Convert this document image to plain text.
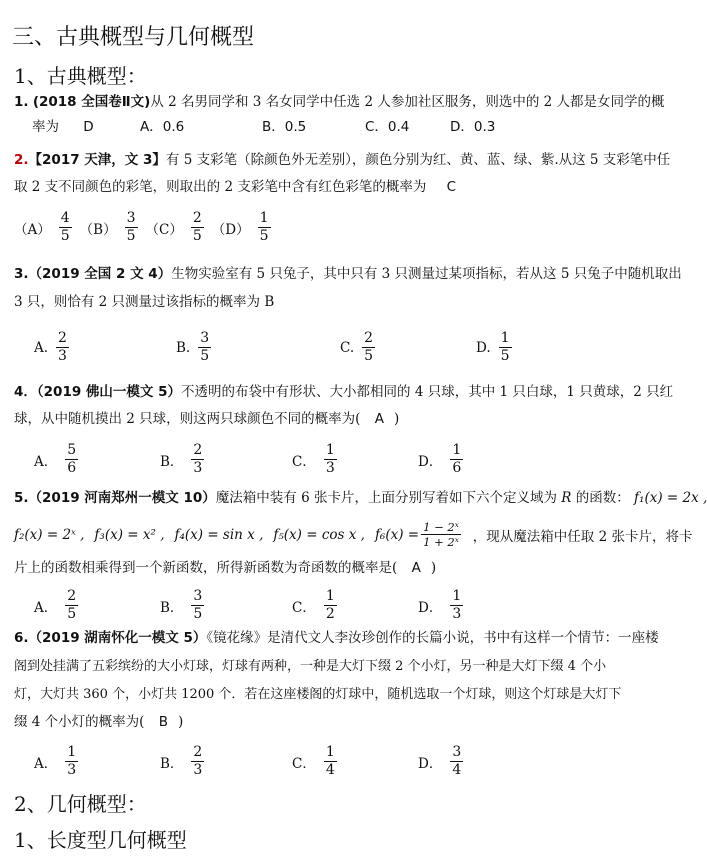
三、古典概型与几何概型
1、古典概型：
1. (2018 全国卷Ⅱ文)从 2 名男同学和 3 名女同学中任选 2 人参加社区服务，则选中的 2 人都是女同学的概
率为 D	A．0.6	B．0.5	C．0.4	D．0.3
2.【2017 天津，文 3】有 5 支彩笔（除颜色外无差别），颜色分别为红、黄、蓝、绿、紫.从这 5 支彩笔中任
取 2 支不同颜色的彩笔，则取出的 2 支彩笔中含有红色彩笔的概率为 C
$(A) \frac{4}{5} (B) \frac{3}{5} (C) \frac{2}{5} (D) \frac{1}{5}$
3.（2019 全国 2 文 4）生物实验室有 5 只兔子，其中只有 3 只测量过某项指标，若从这 5 只兔子中随机取出
3 只，则恰有 2 只测量过该指标的概率为 B
A. $\frac{2}{3}$	B. $\frac{3}{5}$	C. $\frac{2}{5}$	D. $\frac{1}{5}$
4．（2019 佛山一模文 5）不透明的布袋中有形状、大小都相同的 4 只球，其中 1 只白球，1 只黄球，2 只红
球，从中随机摸出 2 只球，则这两只球颜色不同的概率为( A )
A． $\frac{5}{6}$	B． $\frac{2}{3}$	C． $\frac{1}{3}$	D． $\frac{1}{6}$
5.（2019 河南郑州一模文 10）魔法箱中装有 6 张卡片，上面分别写着如下六个定义域为 R 的函数： f₁(x) = 2x ,
f₂(x) = 2ˣ , f₃(x) = x² , f₄(x) = sin x , f₅(x) = cos x , $f_6(x) = \frac{\text{1 − 2ˣ}}{\text{1 + 2ˣ}}$ ，现从魔法箱中任取 2 张卡片，将卡
片上的函数相乘得到一个新函数，所得新函数为奇函数的概率是( A )
A． $\frac{2}{5}$	B． $\frac{3}{5}$	C． $\frac{1}{2}$	D． $\frac{1}{3}$
6.（2019 湖南怀化一模文 5）《镜花缘》是清代文人李汝珍创作的长篇小说，书中有这样一个情节：一座楼
阁到处挂满了五彩缤纷的大小灯球，灯球有两种，一种是大灯下缀 2 个小灯，另一种是大灯下缀 4 个小
灯，大灯共 360 个，小灯共 1200 个．若在这座楼阁的灯球中，随机选取一个灯球，则这个灯球是大灯下
缀 4 个小灯的概率为( B )
A． $\frac{1}{3}$	B． $\frac{2}{3}$	C． $\frac{1}{4}$	D． $\frac{3}{4}$
2、几何概型：
1、长度型几何概型
